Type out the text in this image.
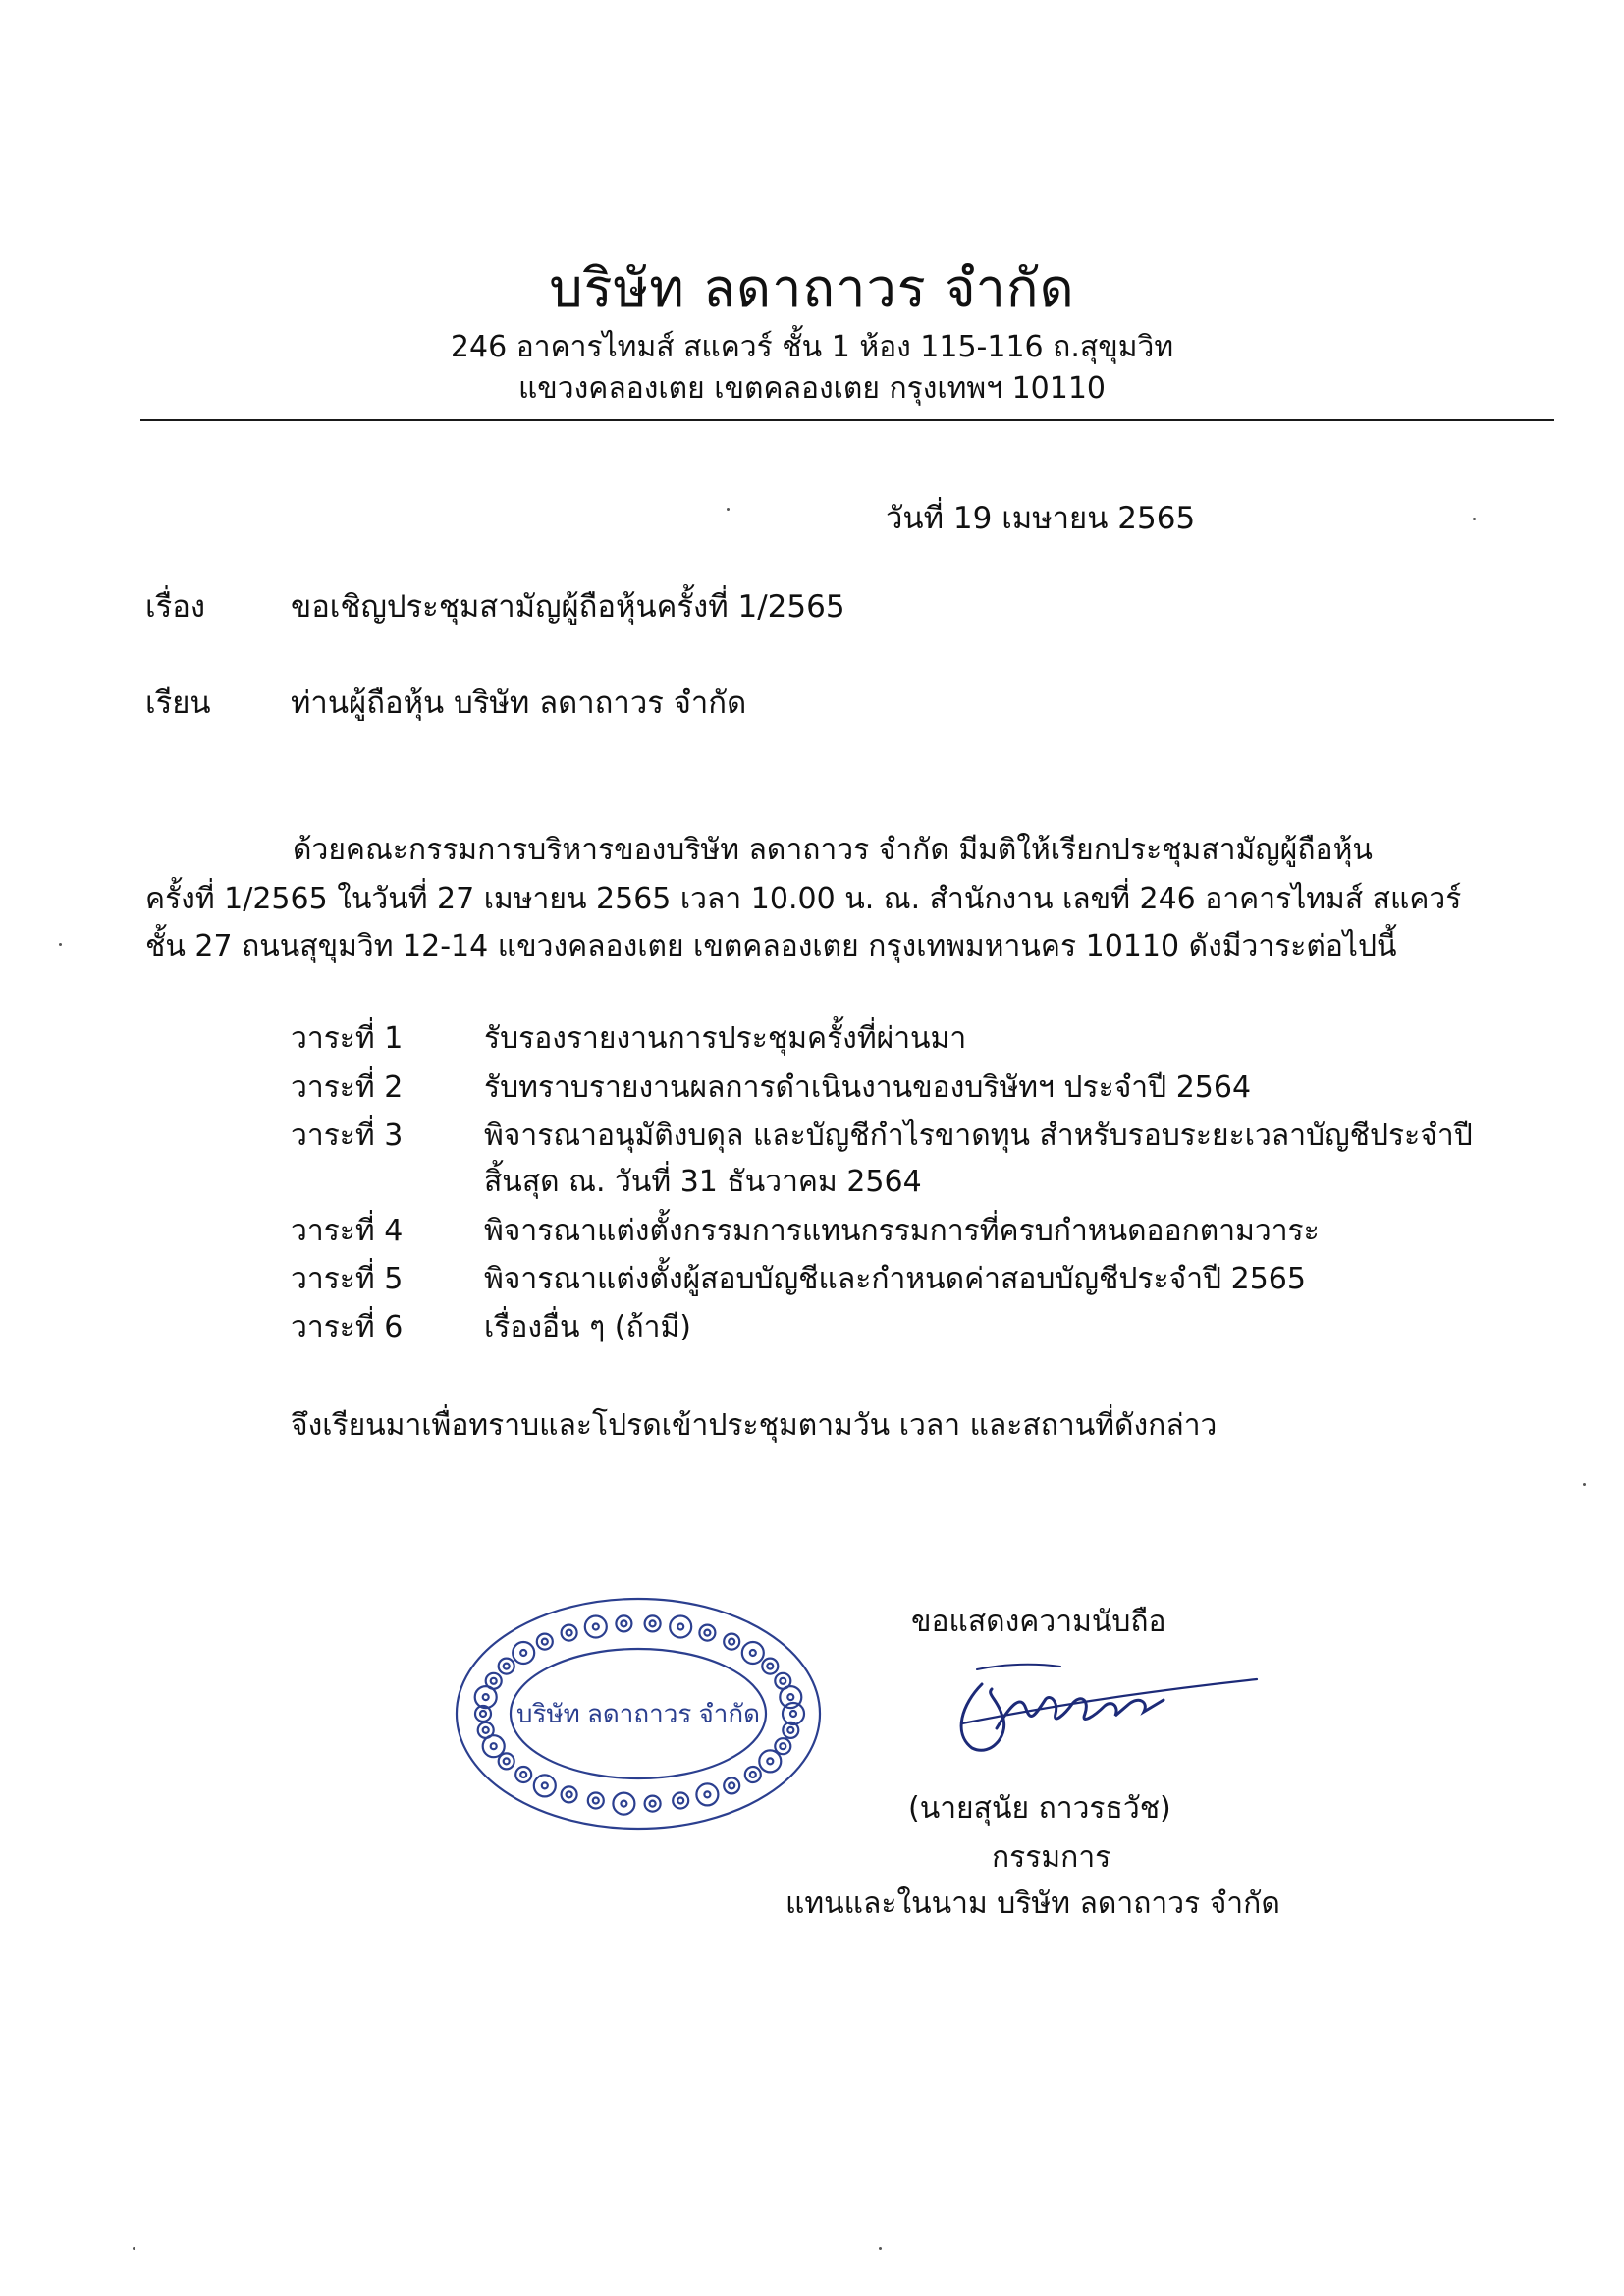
บริษัท ลดาถาวร จำกัด
246 อาคารไทมส์ สแควร์ ชั้น 1 ห้อง 115-116 ถ.สุขุมวิท
แขวงคลองเตย เขตคลองเตย กรุงเทพฯ 10110
วันที่ 19 เมษายน 2565
เรื่อง	ขอเชิญประชุมสามัญผู้ถือหุ้นครั้งที่ 1/2565
เรียน	ท่านผู้ถือหุ้น บริษัท ลดาถาวร จำกัด
ด้วยคณะกรรมการบริหารของบริษัท ลดาถาวร จำกัด มีมติให้เรียกประชุมสามัญผู้ถือหุ้น
ครั้งที่ 1/2565 ในวันที่ 27 เมษายน 2565 เวลา 10.00 น. ณ. สำนักงาน เลขที่ 246 อาคารไทมส์ สแควร์
ชั้น 27 ถนนสุขุมวิท 12-14 แขวงคลองเตย เขตคลองเตย กรุงเทพมหานคร 10110 ดังมีวาระต่อไปนี้
วาระที่ 1	รับรองรายงานการประชุมครั้งที่ผ่านมา
วาระที่ 2	รับทราบรายงานผลการดำเนินงานของบริษัทฯ ประจำปี 2564
วาระที่ 3	พิจารณาอนุมัติงบดุล และบัญชีกำไรขาดทุน สำหรับรอบระยะเวลาบัญชีประจำปี
สิ้นสุด ณ. วันที่ 31 ธันวาคม 2564
วาระที่ 4	พิจารณาแต่งตั้งกรรมการแทนกรรมการที่ครบกำหนดออกตามวาระ
วาระที่ 5	พิจารณาแต่งตั้งผู้สอบบัญชีและกำหนดค่าสอบบัญชีประจำปี 2565
วาระที่ 6	เรื่องอื่น ๆ (ถ้ามี)
จึงเรียนมาเพื่อทราบและโปรดเข้าประชุมตามวัน เวลา และสถานที่ดังกล่าว
บริษัท ลดาถาวร จำกัด
ขอแสดงความนับถือ
(นายสุนัย ถาวรธวัช)
กรรมการ
แทนและในนาม บริษัท ลดาถาวร จำกัด
